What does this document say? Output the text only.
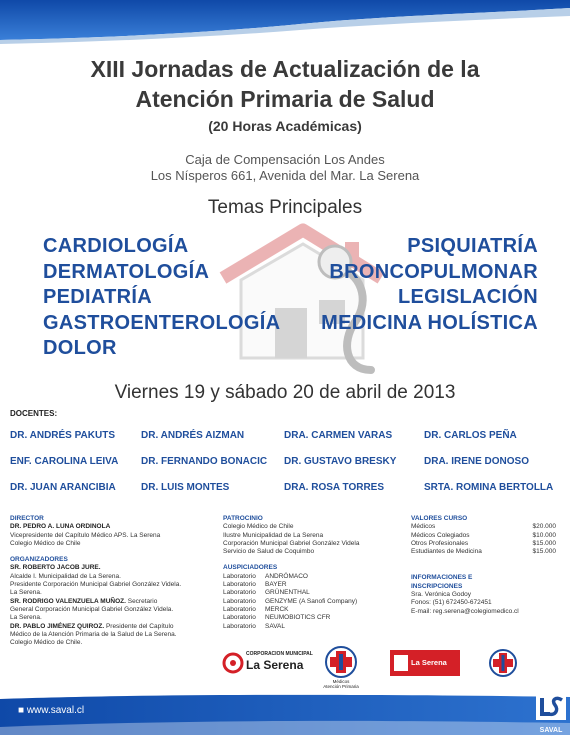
XIII Jornadas de Actualización de la
Atención Primaria de Salud
(20 Horas Académicas)
Caja de Compensación Los Andes
Los Nísperos 661, Avenida del Mar. La Serena
Temas Principales
CARDIOLOGÍA
DERMATOLOGÍA
PEDIATRÍA
GASTROENTEROLOGÍA
DOLOR
PSIQUIATRÍA
BRONCOPULMONAR
LEGISLACIÓN
MEDICINA HOLÍSTICA
Viernes 19 y sábado 20 de abril de 2013
DOCENTES:
DR. ANDRÉS PAKUTS	DR. ANDRÉS AIZMAN	DRA. CARMEN VARAS	DR. CARLOS PEÑA
ENF. CAROLINA LEIVA	DR. FERNANDO BONACIC	DR. GUSTAVO BRESKY	DRA. IRENE DONOSO
DR. JUAN ARANCIBIA	DR. LUIS MONTES	DRA. ROSA TORRES	SRTA. ROMINA BERTOLLA
DIRECTOR
DR. PEDRO A. LUNA ORDINOLA
Vicepresidente del Capítulo Médico APS. La Serena
Colegio Médico de Chile
ORGANIZADORES
SR. ROBERTO JACOB JURE.
Alcalde I. Municipalidad de La Serena.
Presidente Corporación Municipal Gabriel González Videla.
La Serena.
SR. RODRIGO VALENZUELA MUÑOZ. Secretario
General Corporación Municipal Gabriel González Videla.
La Serena.
DR. PABLO JIMÉNEZ QUIROZ. Presidente del Capítulo
Médico de la Atención Primaria de la Salud de La Serena.
Colegio Médico de Chile.
PATROCINIO
Colegio Médico de Chile
Ilustre Municipalidad de La Serena
Corporación Municipal Gabriel González Videla
Servicio de Salud de Coquimbo
AUSPICIADORES
Laboratorio ANDRÓMACO
Laboratorio BAYER
Laboratorio GRÜNENTHAL
Laboratorio GENZYME (A Sanofi Company)
Laboratorio MERCK
Laboratorio NEUMOBIOTICS CFR
Laboratorio SAVAL
VALORES CURSO
Médicos	$20.000
Médicos Colegiados	$10.000
Otros Profesionales	$15.000
Estudiantes de Medicina	$15.000
INFORMACIONES E
INSCRIPCIONES
Sra. Verónica Godoy
Fonos: (51) 672450-672451
E-mail: reg.serena@colegiomedico.cl
CORPORACION MUNICIPAL
La Serena
Médicos
Atención Primaria
La Serena
■ www.saval.cl
SAVAL
